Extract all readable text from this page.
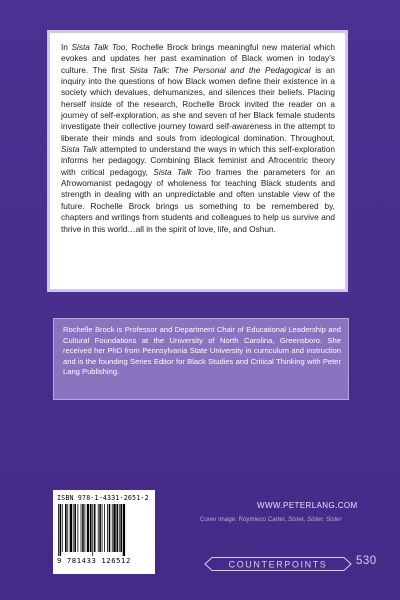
In Sista Talk Too, Rochelle Brock brings meaningful new material which evokes and updates her past examination of Black women in today’s culture. The first Sista Talk: The Personal and the Pedagogical is an inquiry into the questions of how Black women define their existence in a society which devalues, dehumanizes, and silences their beliefs. Placing herself inside of the research, Rochelle Brock invited the reader on a journey of self-exploration, as she and seven of her Black female students investigate their collective journey toward self-awareness in the attempt to liberate their minds and souls from ideological domination. Throughout, Sista Talk attempted to understand the ways in which this self-exploration informs her pedagogy. Combining Black feminist and Afrocentric theory with critical pedagogy, Sista Talk Too frames the parameters for an Afrowomanist pedagogy of wholeness for teaching Black students and strength in dealing with an unpredictable and often unstable view of the future. Rochelle Brock brings us something to be remembered by, chapters and writings from students and colleagues to help us survive and thrive in this world…all in the spirit of love, life, and Oshun.

Rochelle Brock is Professor and Department Chair of Educational Leadership and Cultural Foundations at the University of North Carolina, Greensboro. She received her PhD from Pennsylvania State University in curriculum and instruction and is the founding Series Editor for Black Studies and Critical Thinking with Peter Lang Publishing.

ISBN 978-1-4331-2651-2
9 781433 126512
WWW.PETERLANG.COM
Cover image: Roymieco Carter, Sister, Sister, Sister
COUNTERPOINTS 530
